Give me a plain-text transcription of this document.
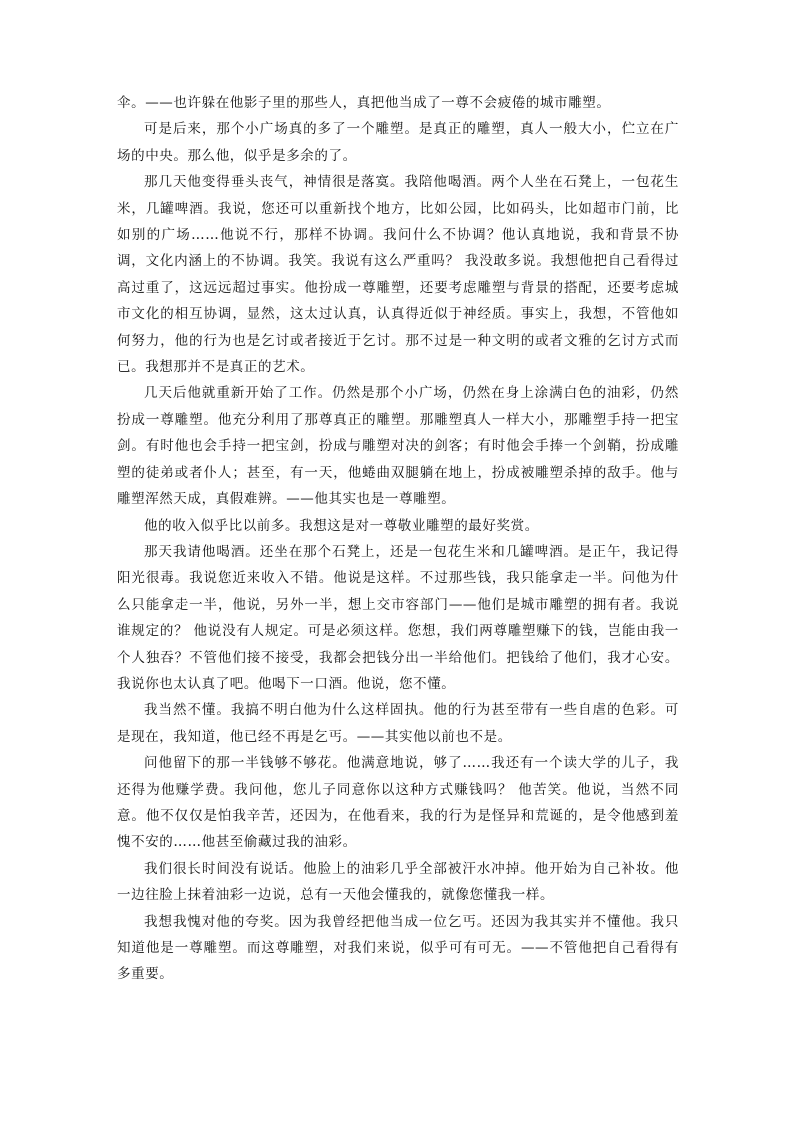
伞。——也许躲在他影子里的那些人，真把他当成了一尊不会疲倦的城市雕塑。

可是后来，那个小广场真的多了一个雕塑。是真正的雕塑，真人一般大小，伫立在广场的中央。那么他，似乎是多余的了。

那几天他变得垂头丧气，神情很是落寞。我陪他喝酒。两个人坐在石凳上，一包花生米，几罐啤酒。我说，您还可以重新找个地方，比如公园，比如码头，比如超市门前，比如别的广场……他说不行，那样不协调。我问什么不协调？他认真地说，我和背景不协调，文化内涵上的不协调。我笑。我说有这么严重吗？ 我没敢多说。我想他把自己看得过高过重了，这远远超过事实。他扮成一尊雕塑，还要考虑雕塑与背景的搭配，还要考虑城市文化的相互协调，显然，这太过认真，认真得近似于神经质。事实上，我想，不管他如何努力，他的行为也是乞讨或者接近于乞讨。那不过是一种文明的或者文雅的乞讨方式而已。我想那并不是真正的艺术。

几天后他就重新开始了工作。仍然是那个小广场，仍然在身上涂满白色的油彩，仍然扮成一尊雕塑。他充分利用了那尊真正的雕塑。那雕塑真人一样大小，那雕塑手持一把宝剑。有时他也会手持一把宝剑，扮成与雕塑对决的剑客；有时他会手捧一个剑鞘，扮成雕塑的徒弟或者仆人；甚至，有一天，他蜷曲双腿躺在地上，扮成被雕塑杀掉的敌手。他与雕塑浑然天成，真假难辨。——他其实也是一尊雕塑。

他的收入似乎比以前多。我想这是对一尊敬业雕塑的最好奖赏。

那天我请他喝酒。还坐在那个石凳上，还是一包花生米和几罐啤酒。是正午，我记得阳光很毒。我说您近来收入不错。他说是这样。不过那些钱，我只能拿走一半。问他为什么只能拿走一半，他说，另外一半，想上交市容部门——他们是城市雕塑的拥有者。我说谁规定的？ 他说没有人规定。可是必须这样。您想，我们两尊雕塑赚下的钱，岂能由我一个人独吞？不管他们接不接受，我都会把钱分出一半给他们。把钱给了他们，我才心安。我说你也太认真了吧。他喝下一口酒。他说，您不懂。

我当然不懂。我搞不明白他为什么这样固执。他的行为甚至带有一些自虐的色彩。可是现在，我知道，他已经不再是乞丐。——其实他以前也不是。

问他留下的那一半钱够不够花。他满意地说，够了……我还有一个读大学的儿子，我还得为他赚学费。我问他，您儿子同意你以这种方式赚钱吗？ 他苦笑。他说，当然不同意。他不仅仅是怕我辛苦，还因为，在他看来，我的行为是怪异和荒诞的，是令他感到羞愧不安的……他甚至偷藏过我的油彩。

我们很长时间没有说话。他脸上的油彩几乎全部被汗水冲掉。他开始为自己补妆。他一边往脸上抹着油彩一边说，总有一天他会懂我的，就像您懂我一样。

我想我愧对他的夸奖。因为我曾经把他当成一位乞丐。还因为我其实并不懂他。我只知道他是一尊雕塑。而这尊雕塑，对我们来说，似乎可有可无。——不管他把自己看得有多重要。
